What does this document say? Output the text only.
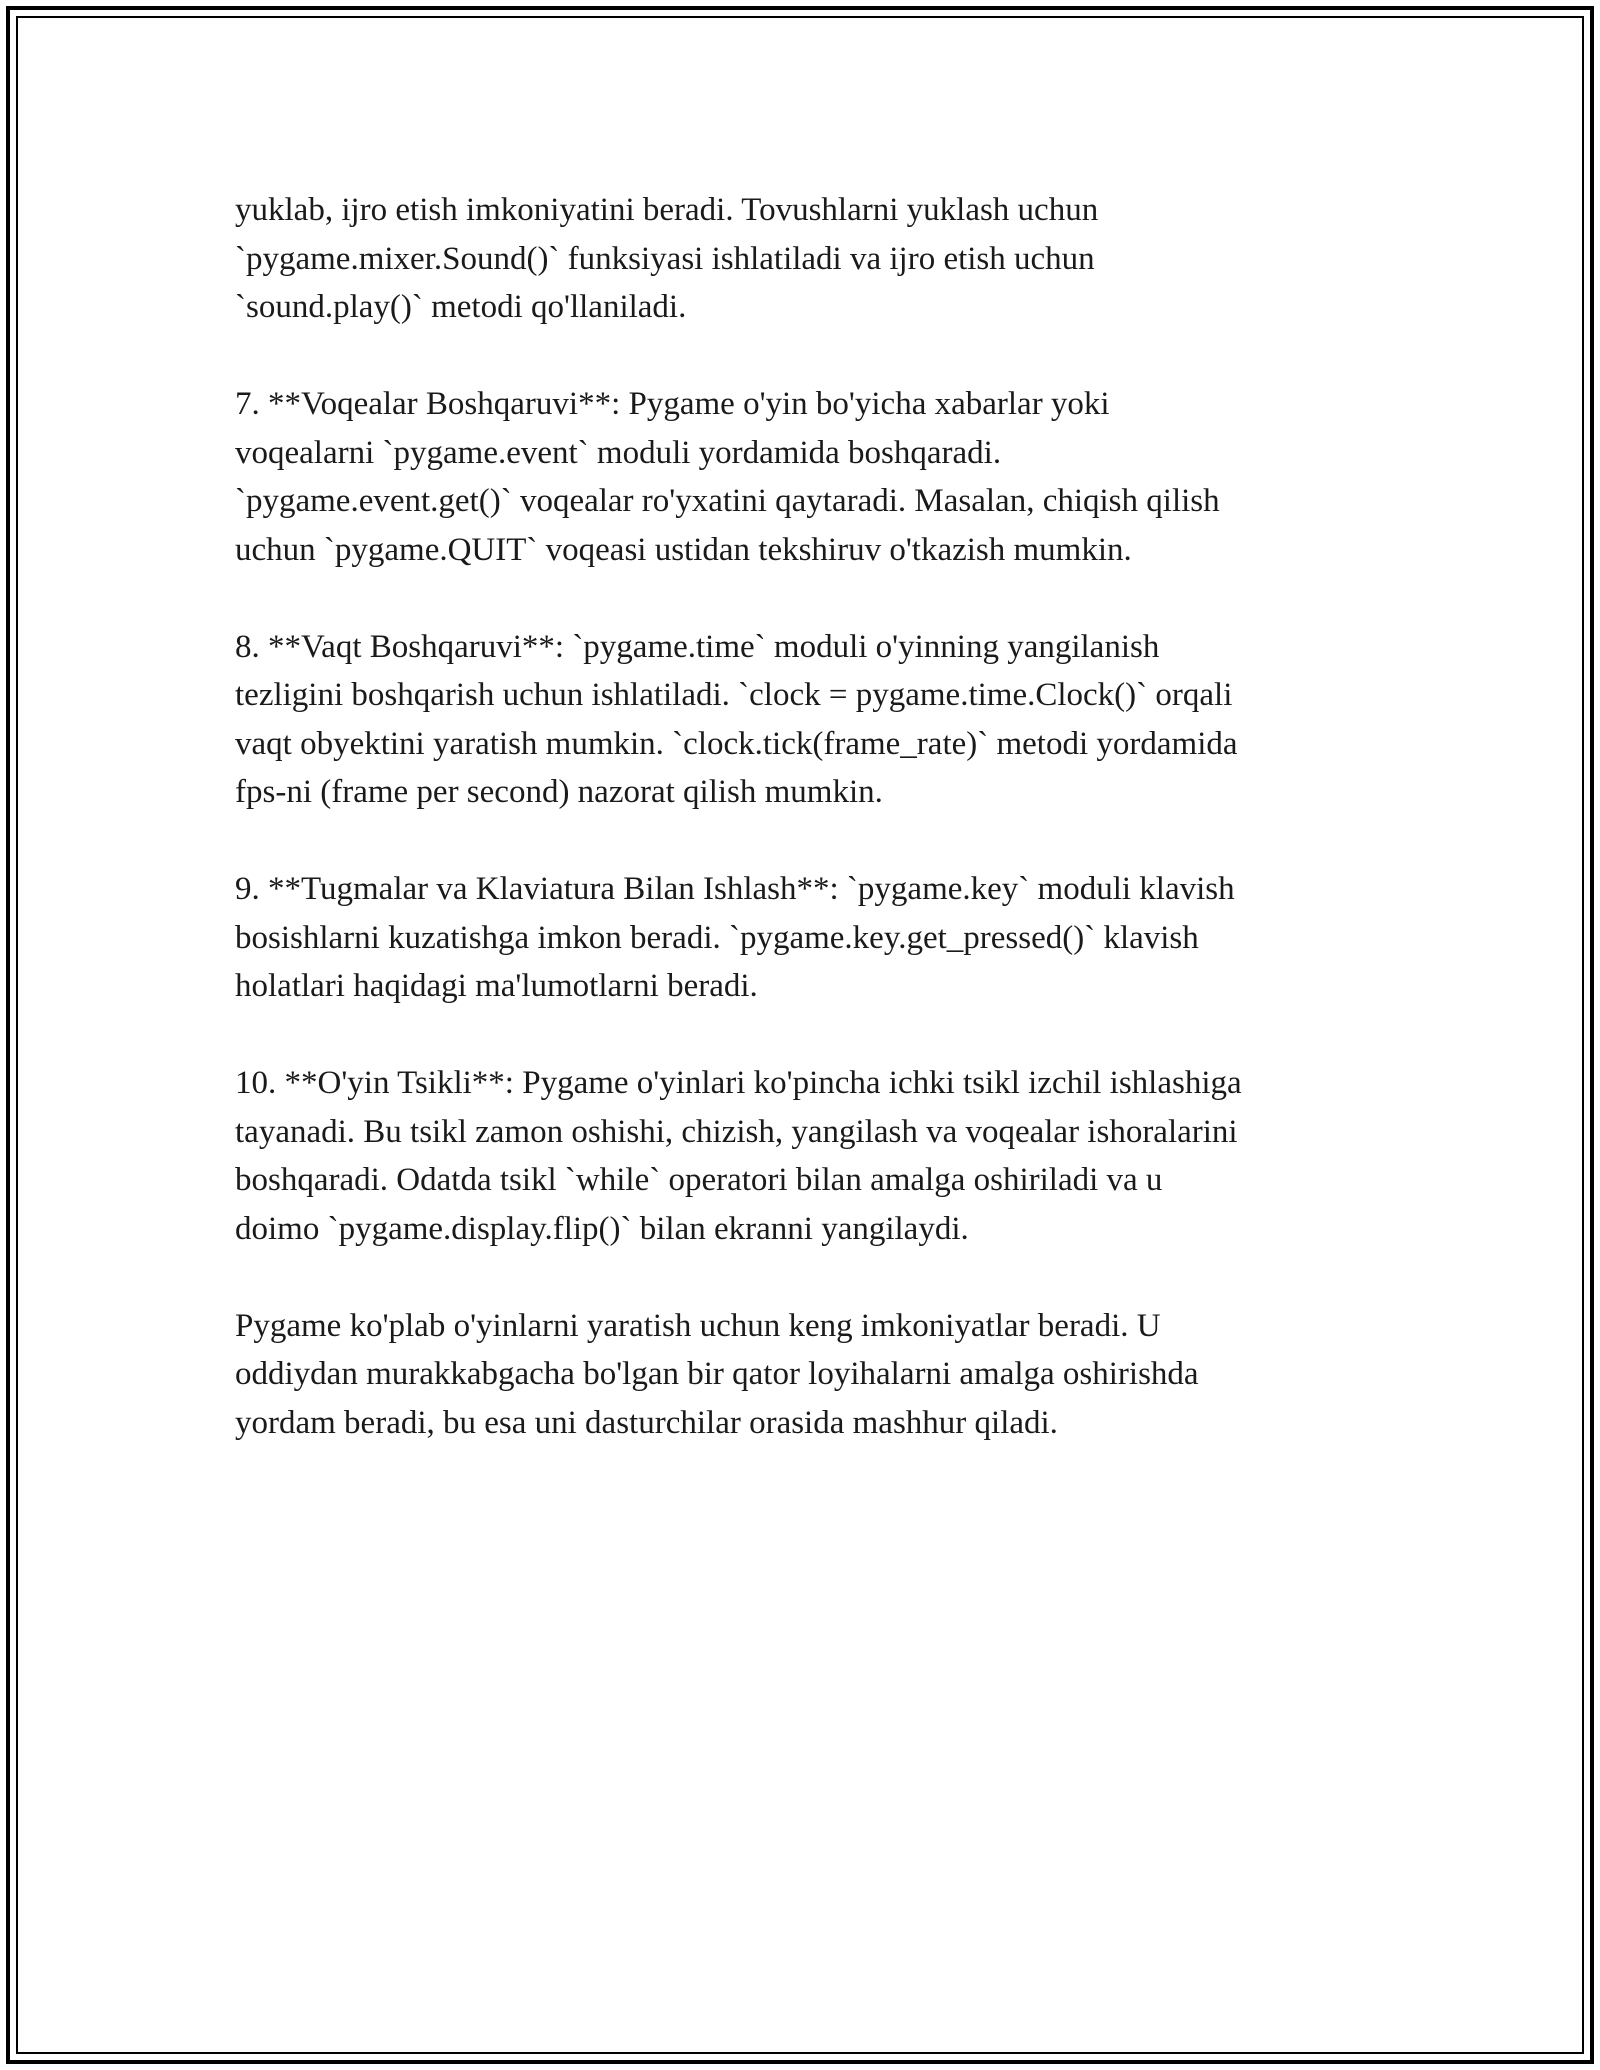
yuklab, ijro etish imkoniyatini beradi. Tovushlarni yuklash uchun
`pygame.mixer.Sound()` funksiyasi ishlatiladi va ijro etish uchun
`sound.play()` metodi qo'llaniladi.

7. **Voqealar Boshqaruvi**: Pygame o'yin bo'yicha xabarlar yoki
voqealarni `pygame.event` moduli yordamida boshqaradi.
`pygame.event.get()` voqealar ro'yxatini qaytaradi. Masalan, chiqish qilish
uchun `pygame.QUIT` voqeasi ustidan tekshiruv o'tkazish mumkin.

8. **Vaqt Boshqaruvi**: `pygame.time` moduli o'yinning yangilanish
tezligini boshqarish uchun ishlatiladi. `clock = pygame.time.Clock()` orqali
vaqt obyektini yaratish mumkin. `clock.tick(frame_rate)` metodi yordamida
fps-ni (frame per second) nazorat qilish mumkin.

9. **Tugmalar va Klaviatura Bilan Ishlash**: `pygame.key` moduli klavish
bosishlarni kuzatishga imkon beradi. `pygame.key.get_pressed()` klavish
holatlari haqidagi ma'lumotlarni beradi.

10. **O'yin Tsikli**: Pygame o'yinlari ko'pincha ichki tsikl izchil ishlashiga
tayanadi. Bu tsikl zamon oshishi, chizish, yangilash va voqealar ishoralarini
boshqaradi. Odatda tsikl `while` operatori bilan amalga oshiriladi va u
doimo `pygame.display.flip()` bilan ekranni yangilaydi.

Pygame ko'plab o'yinlarni yaratish uchun keng imkoniyatlar beradi. U
oddiydan murakkabgacha bo'lgan bir qator loyihalarni amalga oshirishda
yordam beradi, bu esa uni dasturchilar orasida mashhur qiladi.
